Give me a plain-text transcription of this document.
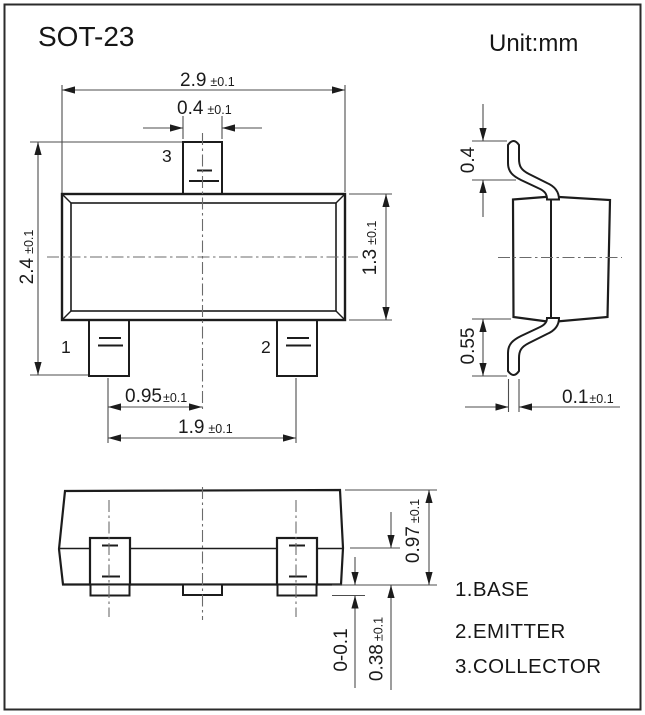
SOT-23	Unit:mm
2.9 ±0.1
0.4 ±0.1
2.4±0.1
1.3±0.1
3
1	2
0.95±0.1
1.9 ±0.1
0.4
0.55
0.1±0.1
0.97±0.1
0.38±0.1
0-0.1
1.BASE
2.EMITTER
3.COLLECTOR
